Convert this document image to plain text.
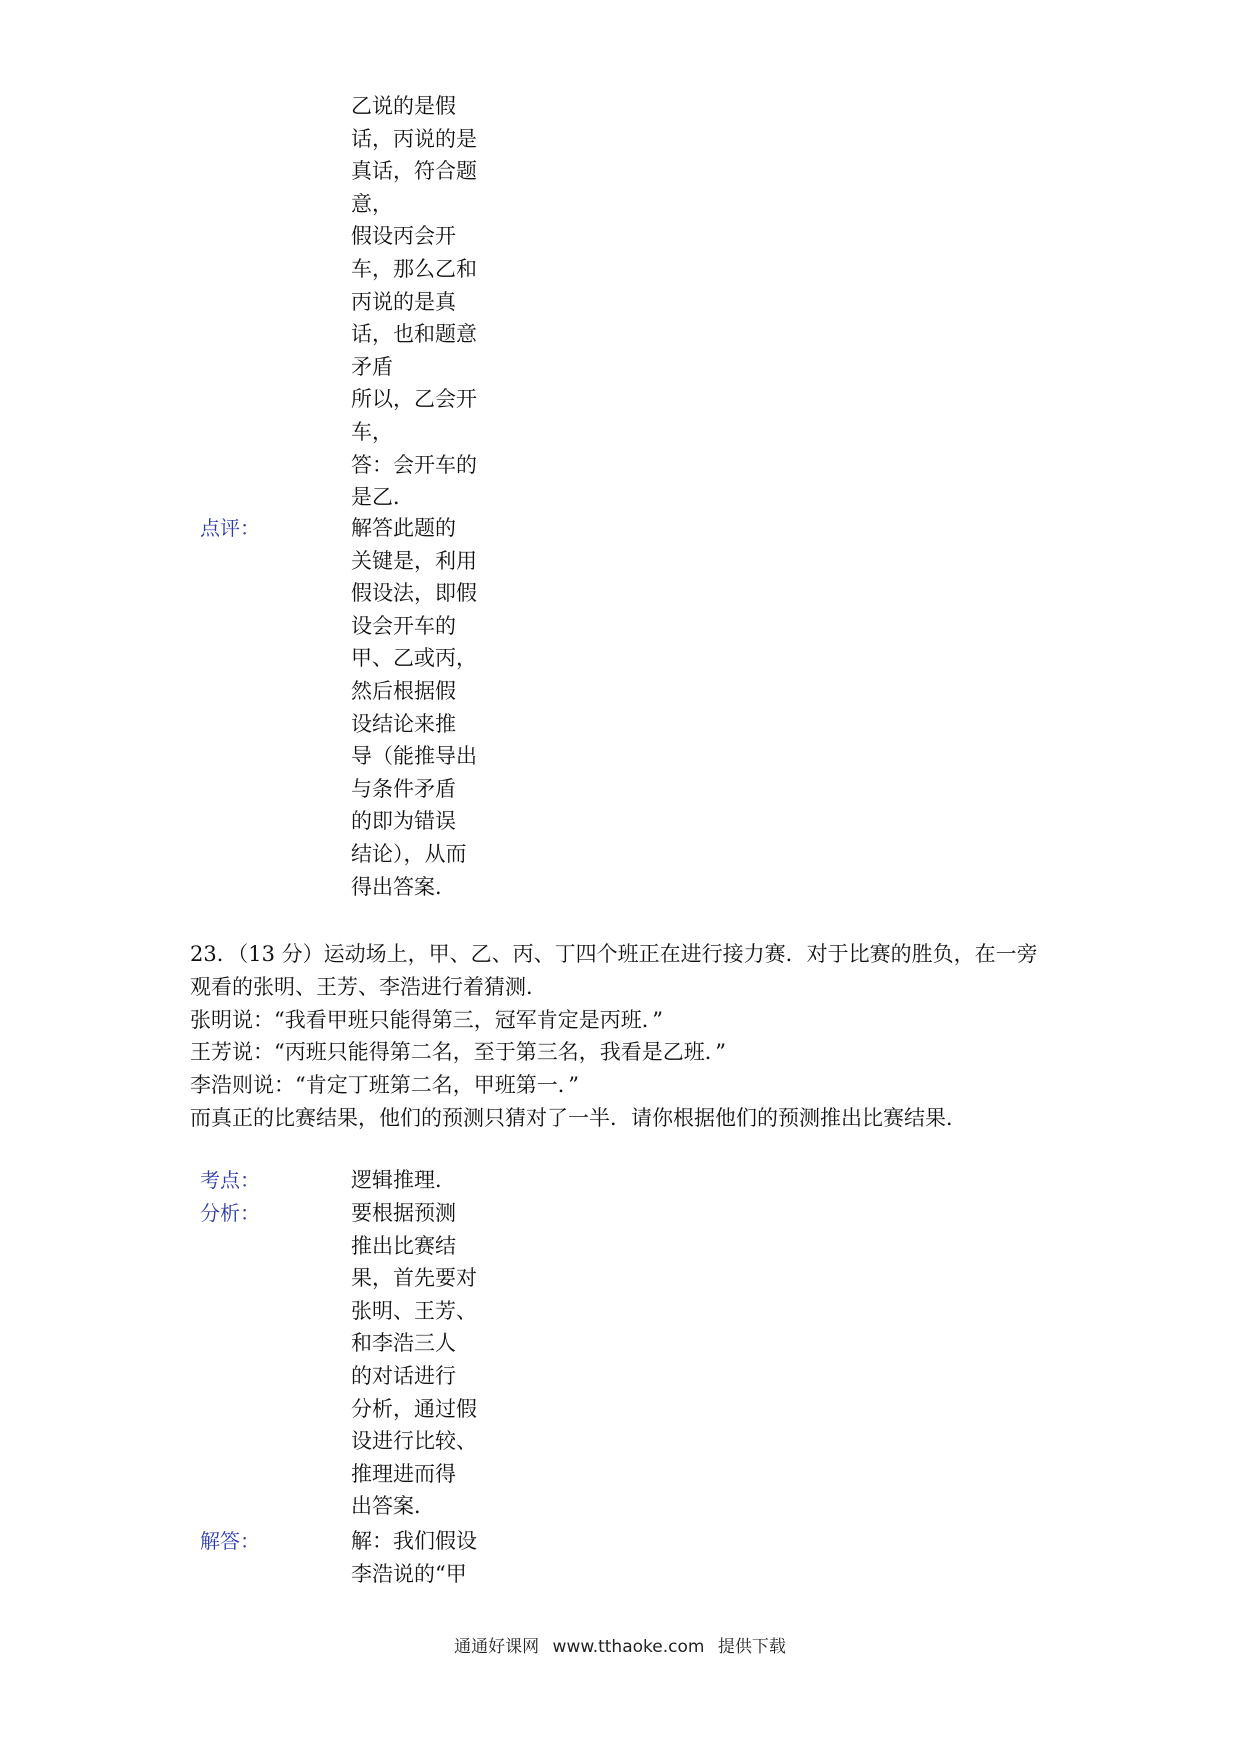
乙说的是假
话，丙说的是
真话，符合题
意，
假设丙会开
车，那么乙和
丙说的是真
话，也和题意
矛盾
所以，乙会开
车，
答：会开车的
是乙．
点评：	解答此题的
关键是，利用
假设法，即假
设会开车的
甲、乙或丙，
然后根据假
设结论来推
导（能推导出
与条件矛盾
的即为错误
结论），从而
得出答案．
23．（13 分）运动场上，甲、乙、丙、丁四个班正在进行接力赛．对于比赛的胜负，在一旁
观看的张明、王芳、李浩进行着猜测．
张明说：“我看甲班只能得第三，冠军肯定是丙班．”
王芳说：“丙班只能得第二名，至于第三名，我看是乙班．”
李浩则说：“肯定丁班第二名，甲班第一．”
而真正的比赛结果，他们的预测只猜对了一半．请你根据他们的预测推出比赛结果．
考点：	逻辑推理．
分析：	要根据预测
推出比赛结
果，首先要对
张明、王芳、
和李浩三人
的对话进行
分析，通过假
设进行比较、
推理进而得
出答案．
解答：	解：我们假设
李浩说的“甲
通通好课网 www.tthaoke.com 提供下载
